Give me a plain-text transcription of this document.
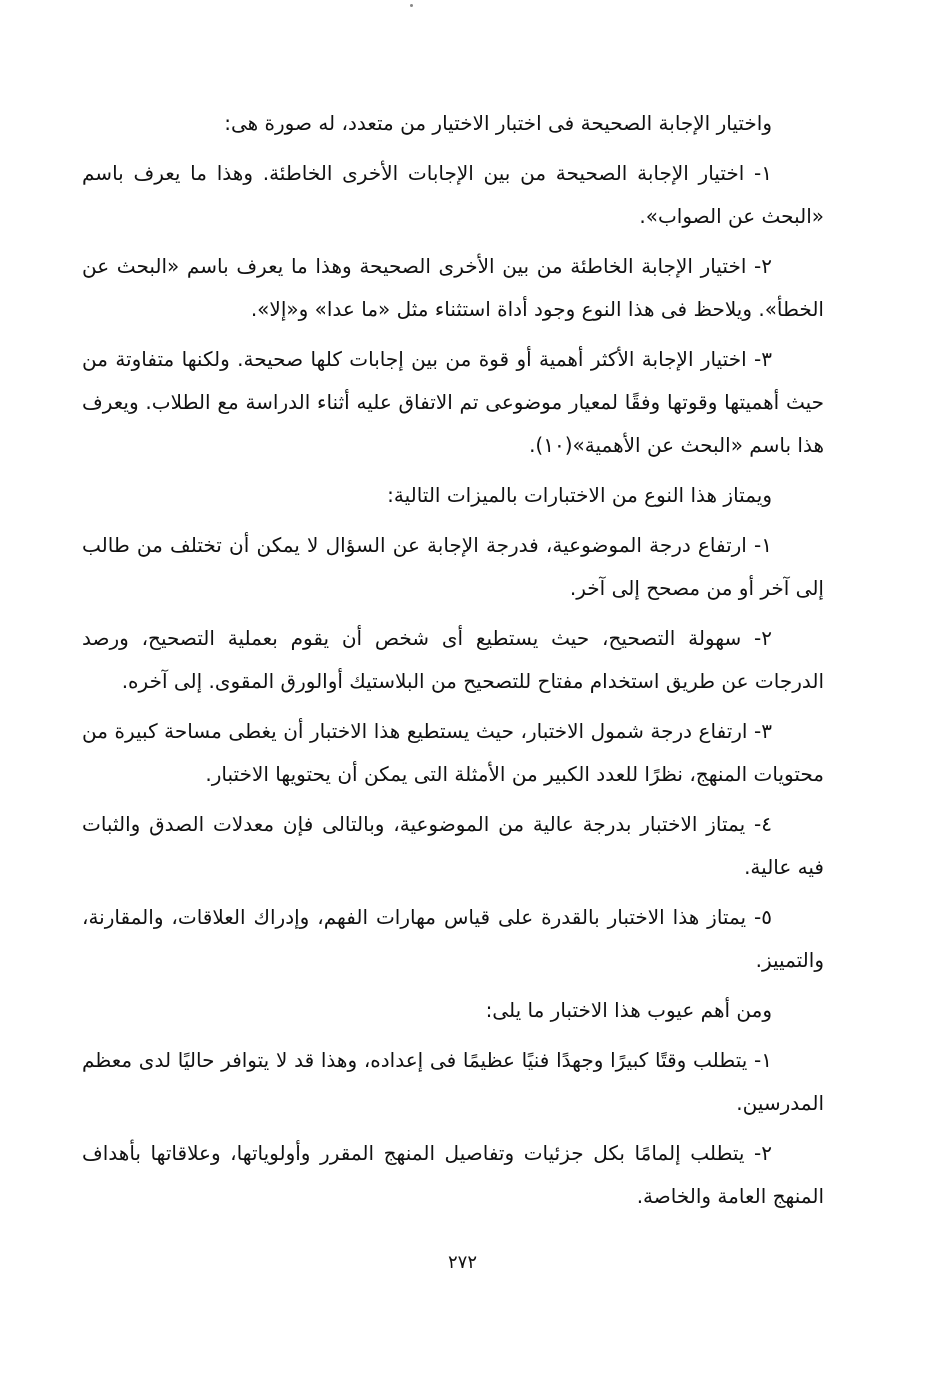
واختيار الإجابة الصحيحة فى اختبار الاختيار من متعدد، له صورة هى:

١- اختيار الإجابة الصحيحة من بين الإجابات الأخرى الخاطئة. وهذا ما يعرف باسم «البحث عن الصواب».

٢- اختيار الإجابة الخاطئة من بين الأخرى الصحيحة وهذا ما يعرف باسم «البحث عن الخطأ». ويلاحظ فى هذا النوع وجود أداة استثناء مثل «ما عدا» و«إلا».

٣- اختيار الإجابة الأكثر أهمية أو قوة من بين إجابات كلها صحيحة. ولكنها متفاوتة من حيث أهميتها وقوتها وفقًا لمعيار موضوعى تم الاتفاق عليه أثناء الدراسة مع الطلاب. ويعرف هذا باسم «البحث عن الأهمية»(١٠).

ويمتاز هذا النوع من الاختبارات بالميزات التالية:

١- ارتفاع درجة الموضوعية، فدرجة الإجابة عن السؤال لا يمكن أن تختلف من طالب إلى آخر أو من مصحح إلى آخر.

٢- سهولة التصحيح، حيث يستطيع أى شخص أن يقوم بعملية التصحيح، ورصد الدرجات عن طريق استخدام مفتاح للتصحيح من البلاستيك أوالورق المقوى. إلى آخره.

٣- ارتفاع درجة شمول الاختبار، حيث يستطيع هذا الاختبار أن يغطى مساحة كبيرة من محتويات المنهج، نظرًا للعدد الكبير من الأمثلة التى يمكن أن يحتويها الاختبار.

٤- يمتاز الاختبار بدرجة عالية من الموضوعية، وبالتالى فإن معدلات الصدق والثبات فيه عالية.

٥- يمتاز هذا الاختبار بالقدرة على قياس مهارات الفهم، وإدراك العلاقات، والمقارنة، والتمييز.

ومن أهم عيوب هذا الاختبار ما يلى:

١- يتطلب وقتًا كبيرًا وجهدًا فنيًا عظيمًا فى إعداده، وهذا قد لا يتوافر حاليًا لدى معظم المدرسين.

٢- يتطلب إلمامًا بكل جزئيات وتفاصيل المنهج المقرر وأولوياتها، وعلاقاتها بأهداف المنهج العامة والخاصة.

٢٧٢
